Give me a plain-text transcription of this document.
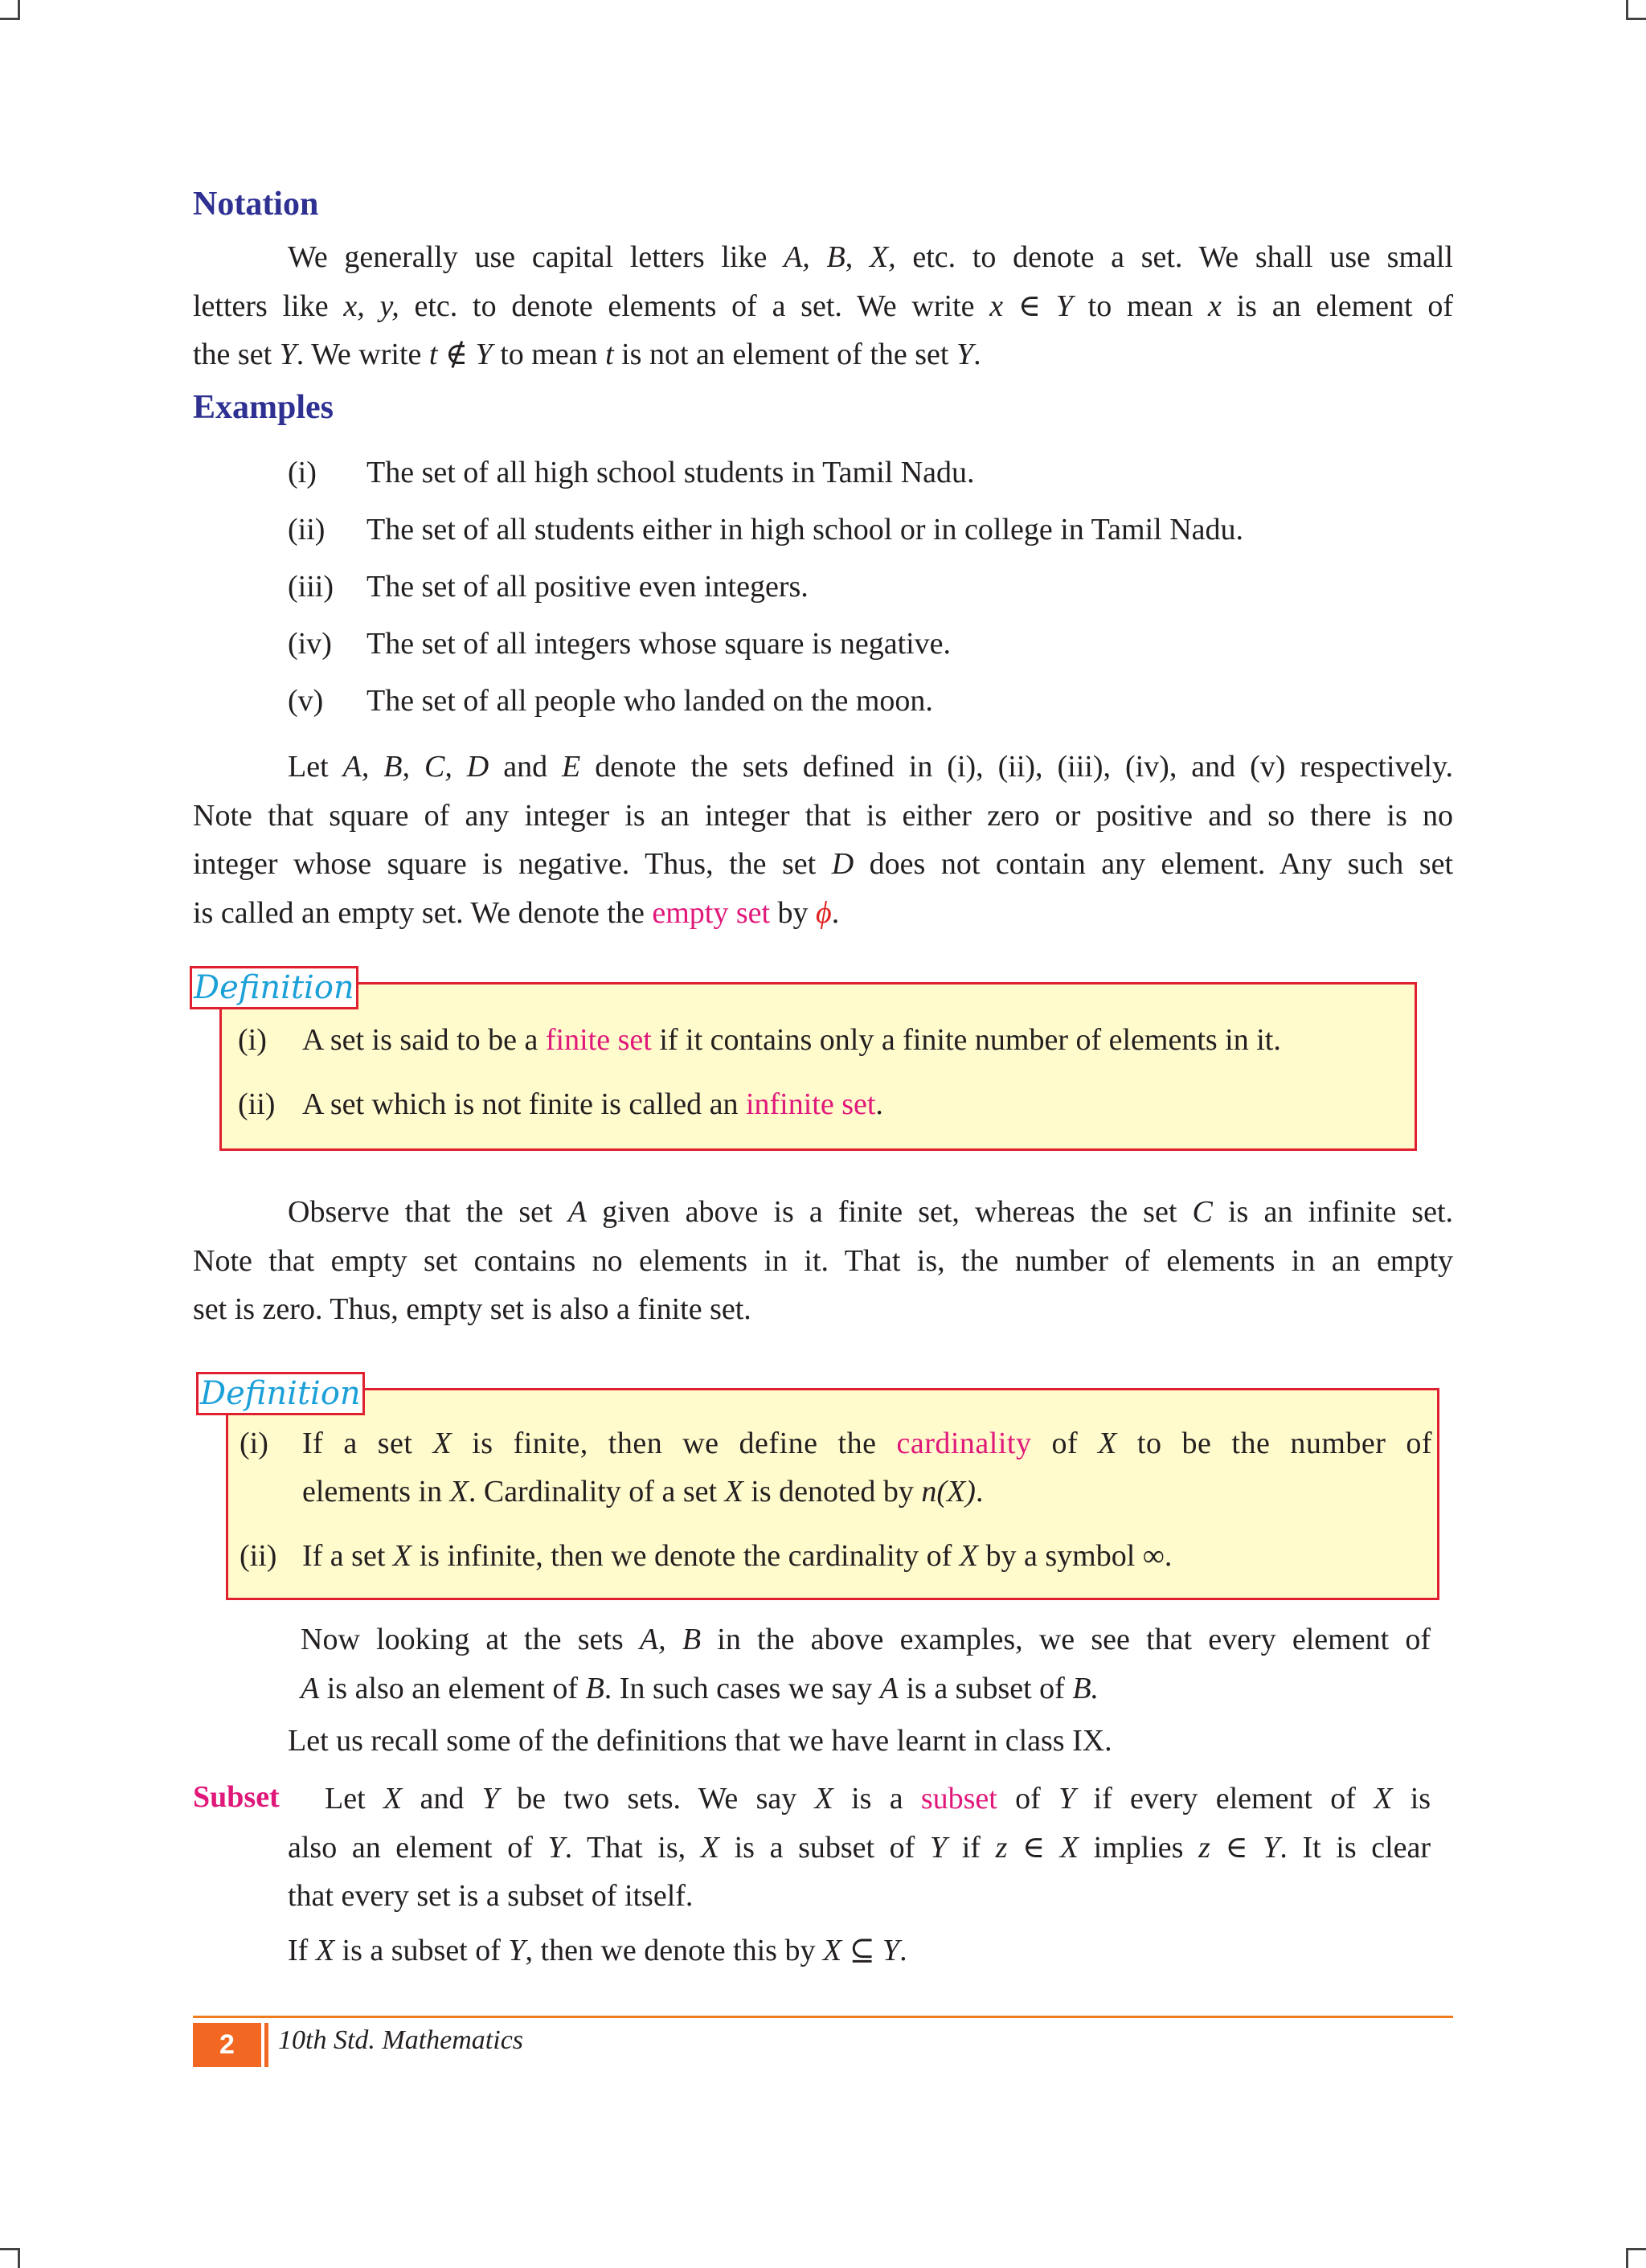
Notation
We generally use capital letters like A, B, X, etc. to denote a set. We shall use small
letters like x, y, etc. to denote elements of a set. We write x ∈ Y to mean x is an element of
the set Y. We write t ∉ Y to mean t is not an element of the set Y.
Examples
(i) The set of all high school students in Tamil Nadu.
(ii) The set of all students either in high school or in college in Tamil Nadu.
(iii) The set of all positive even integers.
(iv) The set of all integers whose square is negative.
(v) The set of all people who landed on the moon.
Let A, B, C, D and E denote the sets defined in (i), (ii), (iii), (iv), and (v) respectively.
Note that square of any integer is an integer that is either zero or positive and so there is no
integer whose square is negative. Thus, the set D does not contain any element. Any such set
is called an empty set. We denote the empty set by ϕ.
Definition
(i) A set is said to be a finite set if it contains only a finite number of elements in it.
(ii) A set which is not finite is called an infinite set.
Observe that the set A given above is a finite set, whereas the set C is an infinite set.
Note that empty set contains no elements in it. That is, the number of elements in an empty
set is zero. Thus, empty set is also a finite set.
Definition
(i) If a set X is finite, then we define the cardinality of X to be the number of
elements in X. Cardinality of a set X is denoted by n(X).
(ii) If a set X is infinite, then we denote the cardinality of X by a symbol ∞.
Now looking at the sets A, B in the above examples, we see that every element of
A is also an element of B. In such cases we say A is a subset of B.
Let us recall some of the definitions that we have learnt in class IX.
Subset	Let X and Y be two sets. We say X is a subset of Y if every element of X is
also an element of Y. That is, X is a subset of Y if z ∈ X implies z ∈ Y. It is clear
that every set is a subset of itself.
If X is a subset of Y, then we denote this by X ⊆ Y.
2	10th Std. Mathematics
